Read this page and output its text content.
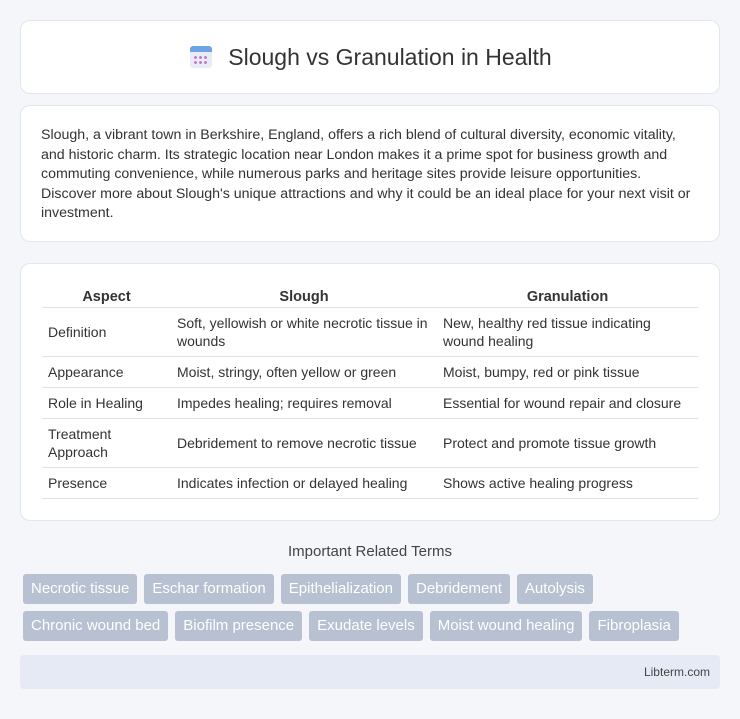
Slough vs Granulation in Health

Slough, a vibrant town in Berkshire, England, offers a rich blend of cultural diversity, economic vitality, and historic charm. Its strategic location near London makes it a prime spot for business growth and commuting convenience, while numerous parks and heritage sites provide leisure opportunities. Discover more about Slough's unique attractions and why it could be an ideal place for your next visit or investment.

Aspect	Slough	Granulation
Definition	Soft, yellowish or white necrotic tissue in wounds	New, healthy red tissue indicating wound healing
Appearance	Moist, stringy, often yellow or green	Moist, bumpy, red or pink tissue
Role in Healing	Impedes healing; requires removal	Essential for wound repair and closure
Treatment Approach	Debridement to remove necrotic tissue	Protect and promote tissue growth
Presence	Indicates infection or delayed healing	Shows active healing progress
Important Related Terms
Necrotic tissue	Eschar formation	Epithelialization	Debridement	Autolysis
Chronic wound bed	Biofilm presence	Exudate levels	Moist wound healing	Fibroplasia
Libterm.com
